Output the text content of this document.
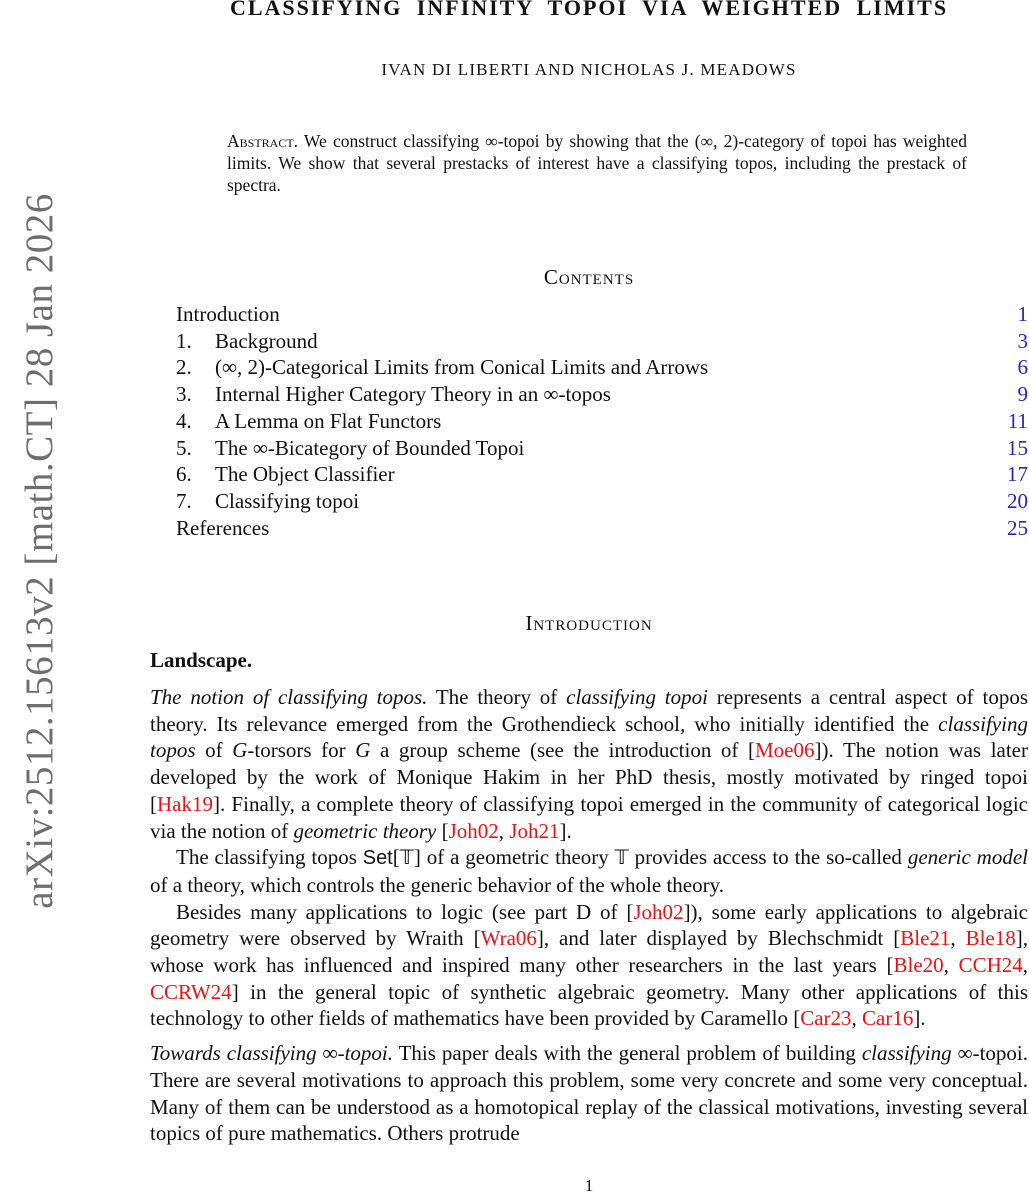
arXiv:2512.15613v2 [math.CT] 28 Jan 2026
CLASSIFYING INFINITY TOPOI VIA WEIGHTED LIMITS
IVAN DI LIBERTI AND NICHOLAS J. MEADOWS

Abstract. We construct classifying ∞-topoi by showing that the (∞, 2)-category of topoi has weighted limits. We show that several prestacks of interest have a classifying topos, including the prestack of spectra.

Contents
Introduction	1
1.	Background	3
2.	(∞, 2)-Categorical Limits from Conical Limits and Arrows	6
3.	Internal Higher Category Theory in an ∞-topos	9
4.	A Lemma on Flat Functors	11
5.	The ∞-Bicategory of Bounded Topoi	15
6.	The Object Classifier	17
7.	Classifying topoi	20
References	25
Introduction
Landscape.

The notion of classifying topos. The theory of classifying topoi represents a central aspect of topos theory. Its relevance emerged from the Grothendieck school, who initially identified the classifying topos of G-torsors for G a group scheme (see the introduction of [Moe06]). The notion was later developed by the work of Monique Hakim in her PhD thesis, mostly motivated by ringed topoi [Hak19]. Finally, a complete theory of classifying topoi emerged in the community of categorical logic via the notion of geometric theory [Joh02, Joh21].

The classifying topos Set[𝕋] of a geometric theory 𝕋 provides access to the so-called generic model of a theory, which controls the generic behavior of the whole theory.

Besides many applications to logic (see part D of [Joh02]), some early applications to algebraic geometry were observed by Wraith [Wra06], and later displayed by Blechschmidt [Ble21, Ble18], whose work has influenced and inspired many other researchers in the last years [Ble20, CCH24, CCRW24] in the general topic of synthetic algebraic geometry. Many other applications of this technology to other fields of mathematics have been provided by Caramello [Car23, Car16].

Towards classifying ∞-topoi. This paper deals with the general problem of building classifying ∞-topoi. There are several motivations to approach this problem, some very concrete and some very conceptual. Many of them can be understood as a homotopical replay of the classical motivations, investing several topics of pure mathematics. Others protrude

1
